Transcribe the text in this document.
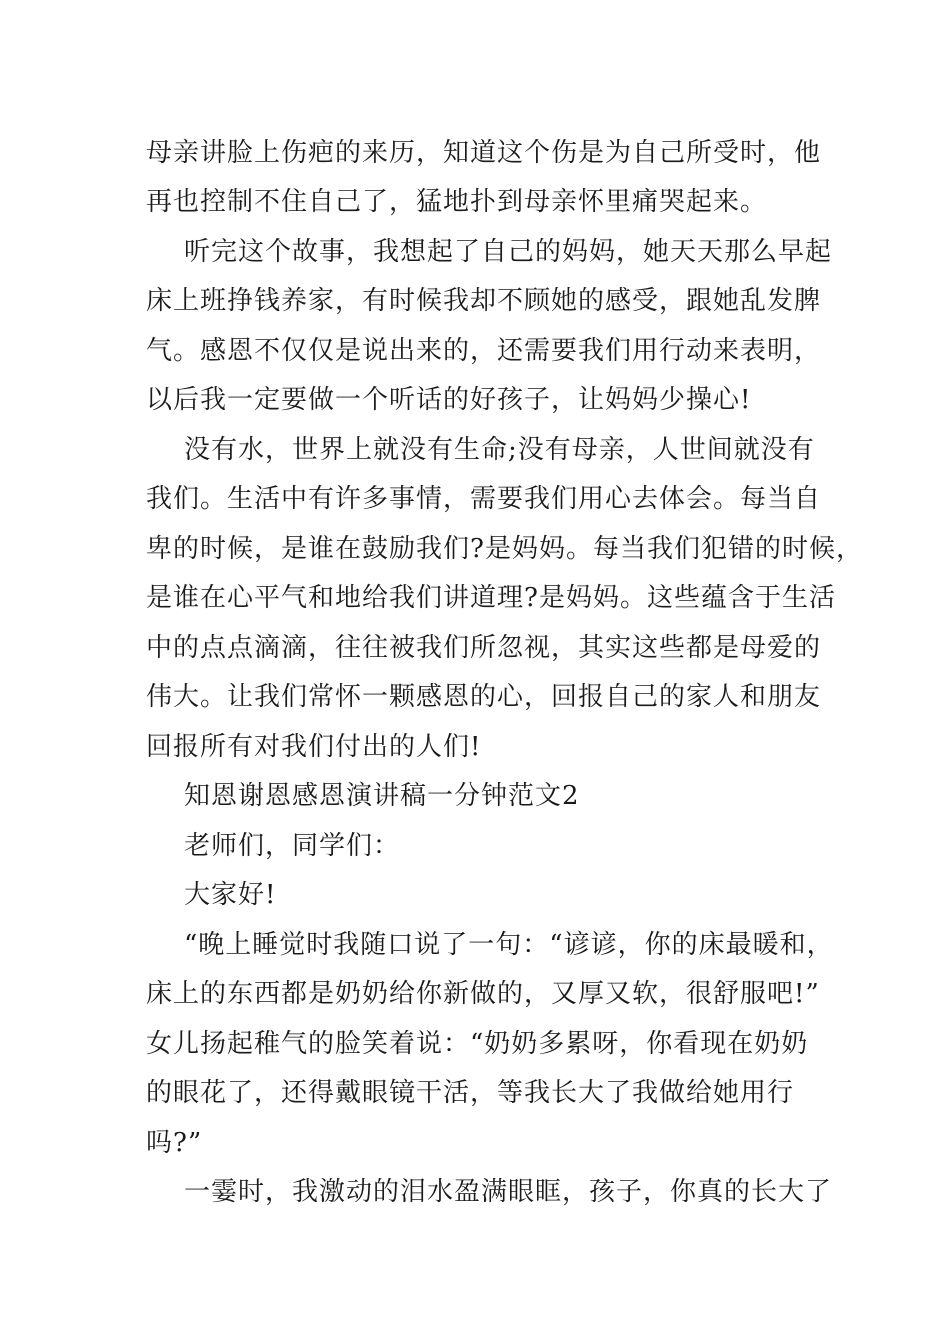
母亲讲脸上伤疤的来历，知道这个伤是为自己所受时，他
再也控制不住自己了，猛地扑到母亲怀里痛哭起来。
听完这个故事，我想起了自己的妈妈，她天天那么早起
床上班挣钱养家，有时候我却不顾她的感受，跟她乱发脾
气。感恩不仅仅是说出来的，还需要我们用行动来表明，
以后我一定要做一个听话的好孩子，让妈妈少操心!
没有水，世界上就没有生命;没有母亲，人世间就没有
我们。生活中有许多事情，需要我们用心去体会。每当自
卑的时候，是谁在鼓励我们?是妈妈。每当我们犯错的时候，
是谁在心平气和地给我们讲道理?是妈妈。这些蕴含于生活
中的点点滴滴，往往被我们所忽视，其实这些都是母爱的
伟大。让我们常怀一颗感恩的心，回报自己的家人和朋友
回报所有对我们付出的人们!
知恩谢恩感恩演讲稿一分钟范文2
老师们，同学们：
大家好!
“晚上睡觉时我随口说了一句：“谚谚，你的床最暖和，
床上的东西都是奶奶给你新做的，又厚又软，很舒服吧!”
女儿扬起稚气的脸笑着说：“奶奶多累呀，你看现在奶奶
的眼花了，还得戴眼镜干活，等我长大了我做给她用行
吗?”
一霎时，我激动的泪水盈满眼眶，孩子，你真的长大了
